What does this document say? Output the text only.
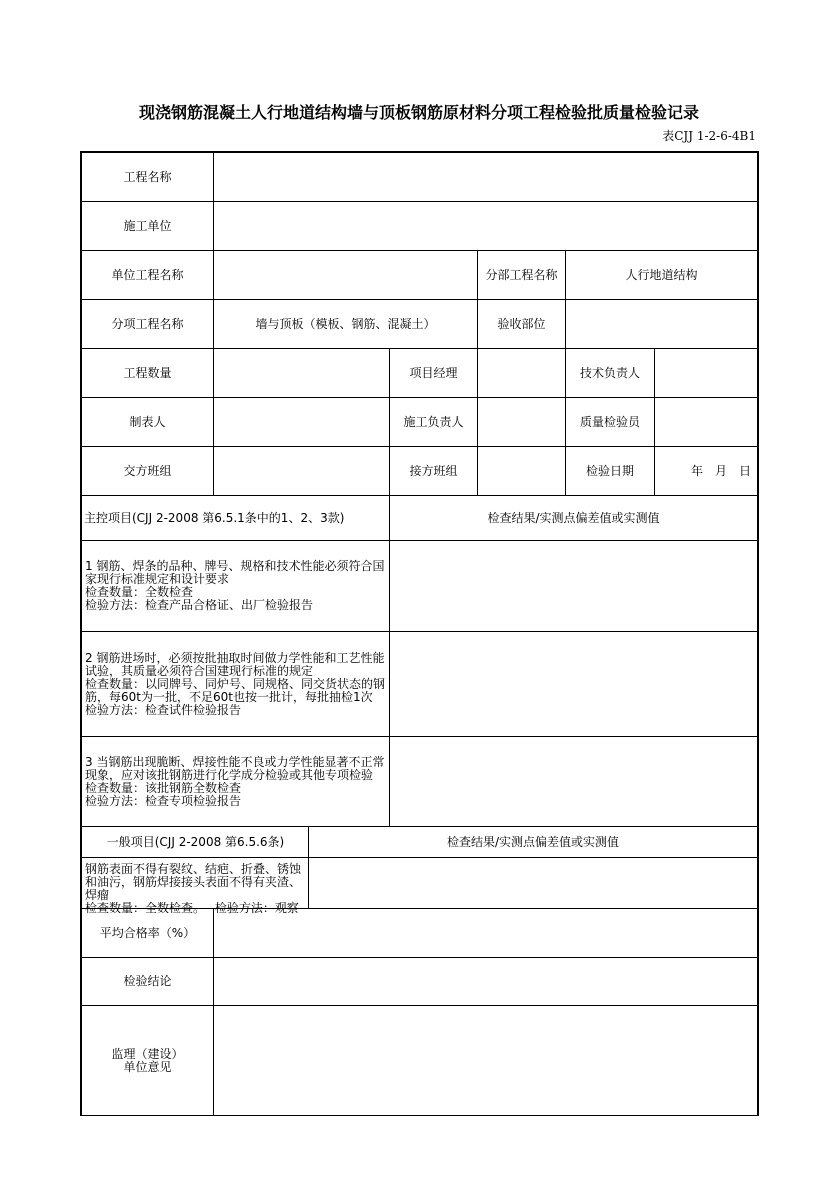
现浇钢筋混凝土人行地道结构墙与顶板钢筋原材料分项工程检验批质量检验记录
表CJJ 1-2-6-4B1
工程名称
施工单位
单位工程名称	分部工程名称	人行地道结构
分项工程名称	墙与顶板（模板、钢筋、混凝土）	验收部位
工程数量	项目经理	技术负责人
制表人	施工负责人	质量检验员
交方班组	接方班组	检验日期	年　月　日
主控项目(CJJ 2-2008 第6.5.1条中的1、2、3款)	检查结果/实测点偏差值或实测值
1 钢筋、焊条的品种、牌号、规格和技术性能必须符合国家现行标准规定和设计要求
检查数量：全数检查
检验方法：检查产品合格证、出厂检验报告
2 钢筋进场时，必须按批抽取时间做力学性能和工艺性能试验，其质量必须符合国建现行标准的规定
检查数量：以同牌号、同炉号、同规格、同交货状态的钢筋，每60t为一批，不足60t也按一批计，每批抽检1次
检验方法：检查试件检验报告
3 当钢筋出现脆断、焊接性能不良或力学性能显著不正常现象，应对该批钢筋进行化学成分检验或其他专项检验
检查数量：该批钢筋全数检查
检验方法：检查专项检验报告
一般项目(CJJ 2-2008 第6.5.6条)	检查结果/实测点偏差值或实测值
钢筋表面不得有裂纹、结疤、折叠、锈蚀和油污，钢筋焊接接头表面不得有夹渣、焊瘤
检查数量：全数检查。　 检验方法：观察
平均合格率（%）
检验结论
监理（建设）
单位意见
